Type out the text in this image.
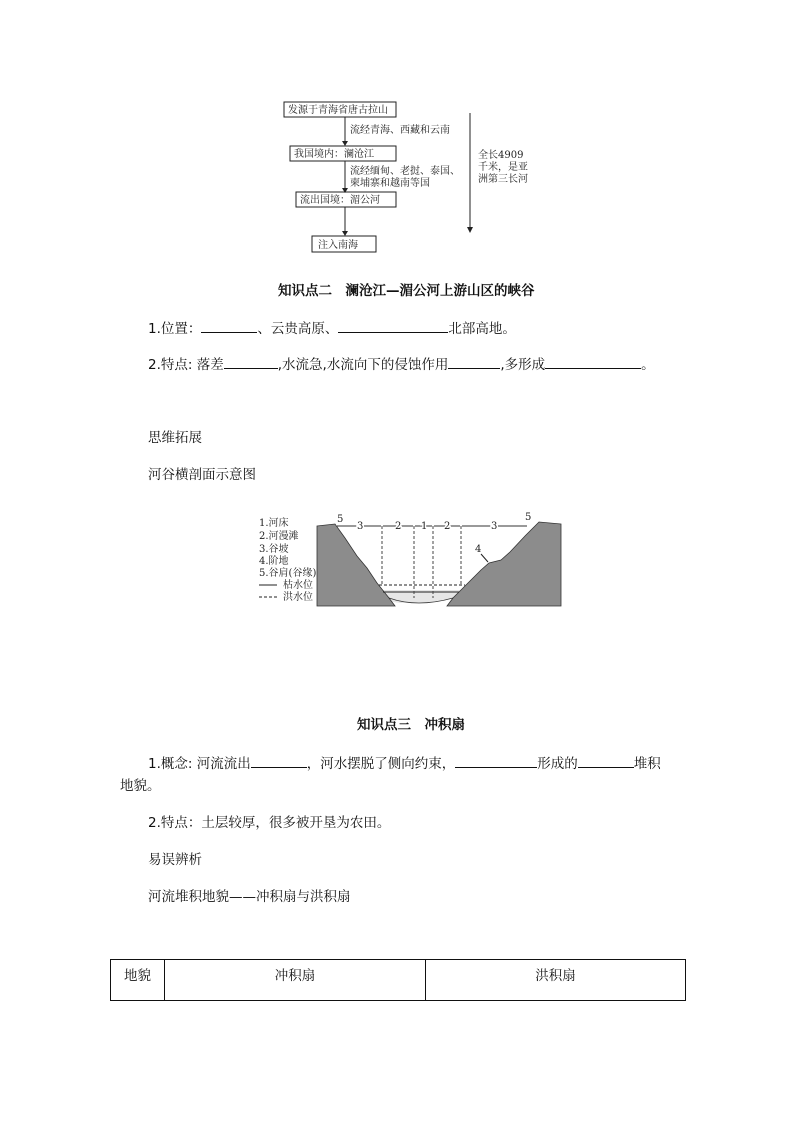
发源于青海省唐古拉山
流经青海、西藏和云南
我国境内：澜沧江
流经缅甸、老挝、泰国、
柬埔寨和越南等国
流出国境：湄公河
注入南海
全长4909
千米，是亚
洲第三长河
知识点二　澜沧江—湄公河上游山区的峡谷
1.位置：	、云贵高原、	北部高地。
2.特点: 落差	,水流急,水流向下的侵蚀作用	,多形成	。
思维拓展
河谷横剖面示意图
1.河床
2.河漫滩
3.谷坡
4.阶地
5.谷肩(谷缘)
枯水位
洪水位
5
3	2 1 2	3
5
4
知识点三　冲积扇
1.概念: 河流流出	，河水摆脱了侧向约束，	形成的	堆积
地貌。
2.特点：土层较厚，很多被开垦为农田。
易误辨析
河流堆积地貌——冲积扇与洪积扇
地貌	冲积扇	洪积扇
